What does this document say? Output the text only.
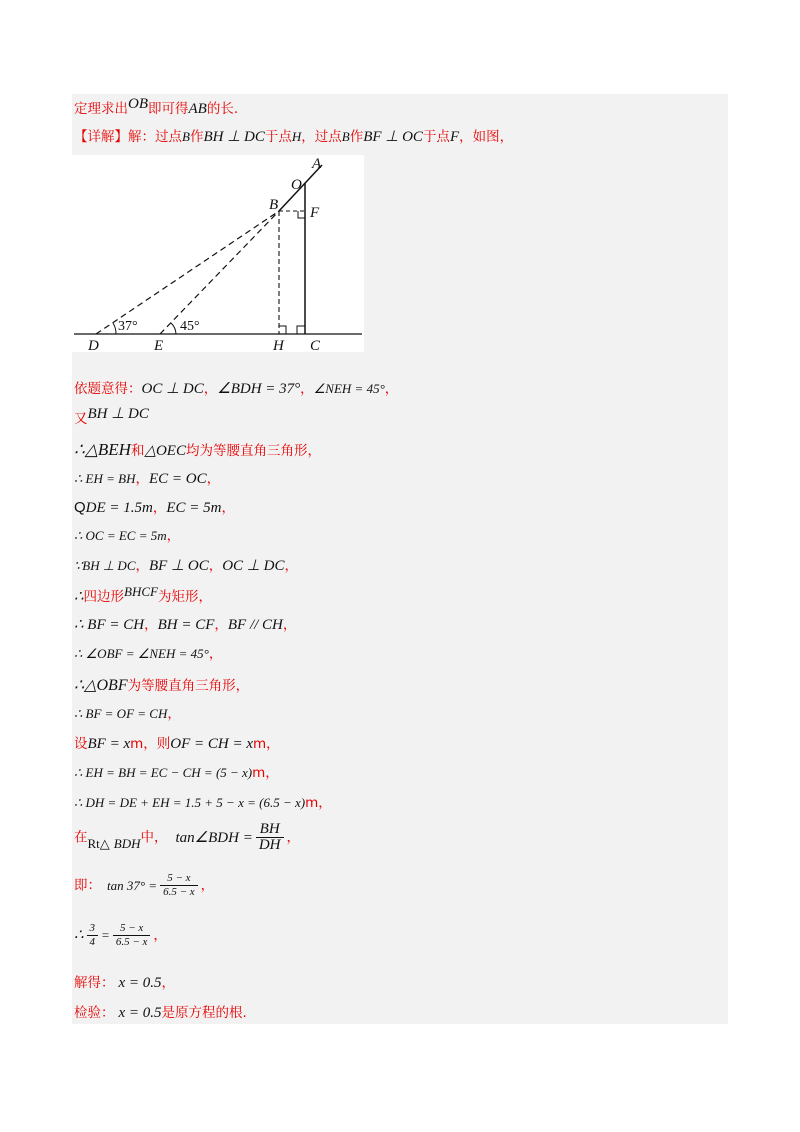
定理求出OB即可得AB的长.
【详解】解：过点B作BH ⊥ DC于点H，过点B作BF ⊥ OC于点F，如图，
A
O
B F
D	E	H C
37°	45°
依题意得：OC ⊥ DC，∠BDH = 37°，∠NEH = 45°，
又BH ⊥ DC
∴△BEH和△OEC均为等腰直角三角形，
∴ EH = BH，EC = OC，
QDE = 1.5m，EC = 5m，
∴ OC = EC = 5m，
∵BH ⊥ DC，BF ⊥ OC，OC ⊥ DC，
∴四边形BHCF为矩形，
∴ BF = CH，BH = CF，BF // CH，
∴ ∠OBF = ∠NEH = 45°，
∴△OBF为等腰直角三角形，
∴ BF = OF = CH，
设BF = xm，则OF = CH = xm，
∴ EH = BH = EC − CH = (5 − x)m，
∴ DH = DE + EH = 1.5 + 5 − x = (6.5 − x)m，
在Rt△ BDH中， tan∠BDH = $\frac{BH}{DH}$ ，
即： $\tan 37^\circ = \frac{5 - x}{6.5 - x}$ ，
∴ $\frac{3}{4} = \frac{5 - x}{6.5 - x}$ ，
解得： x = 0.5，
检验： x = 0.5是原方程的根.
